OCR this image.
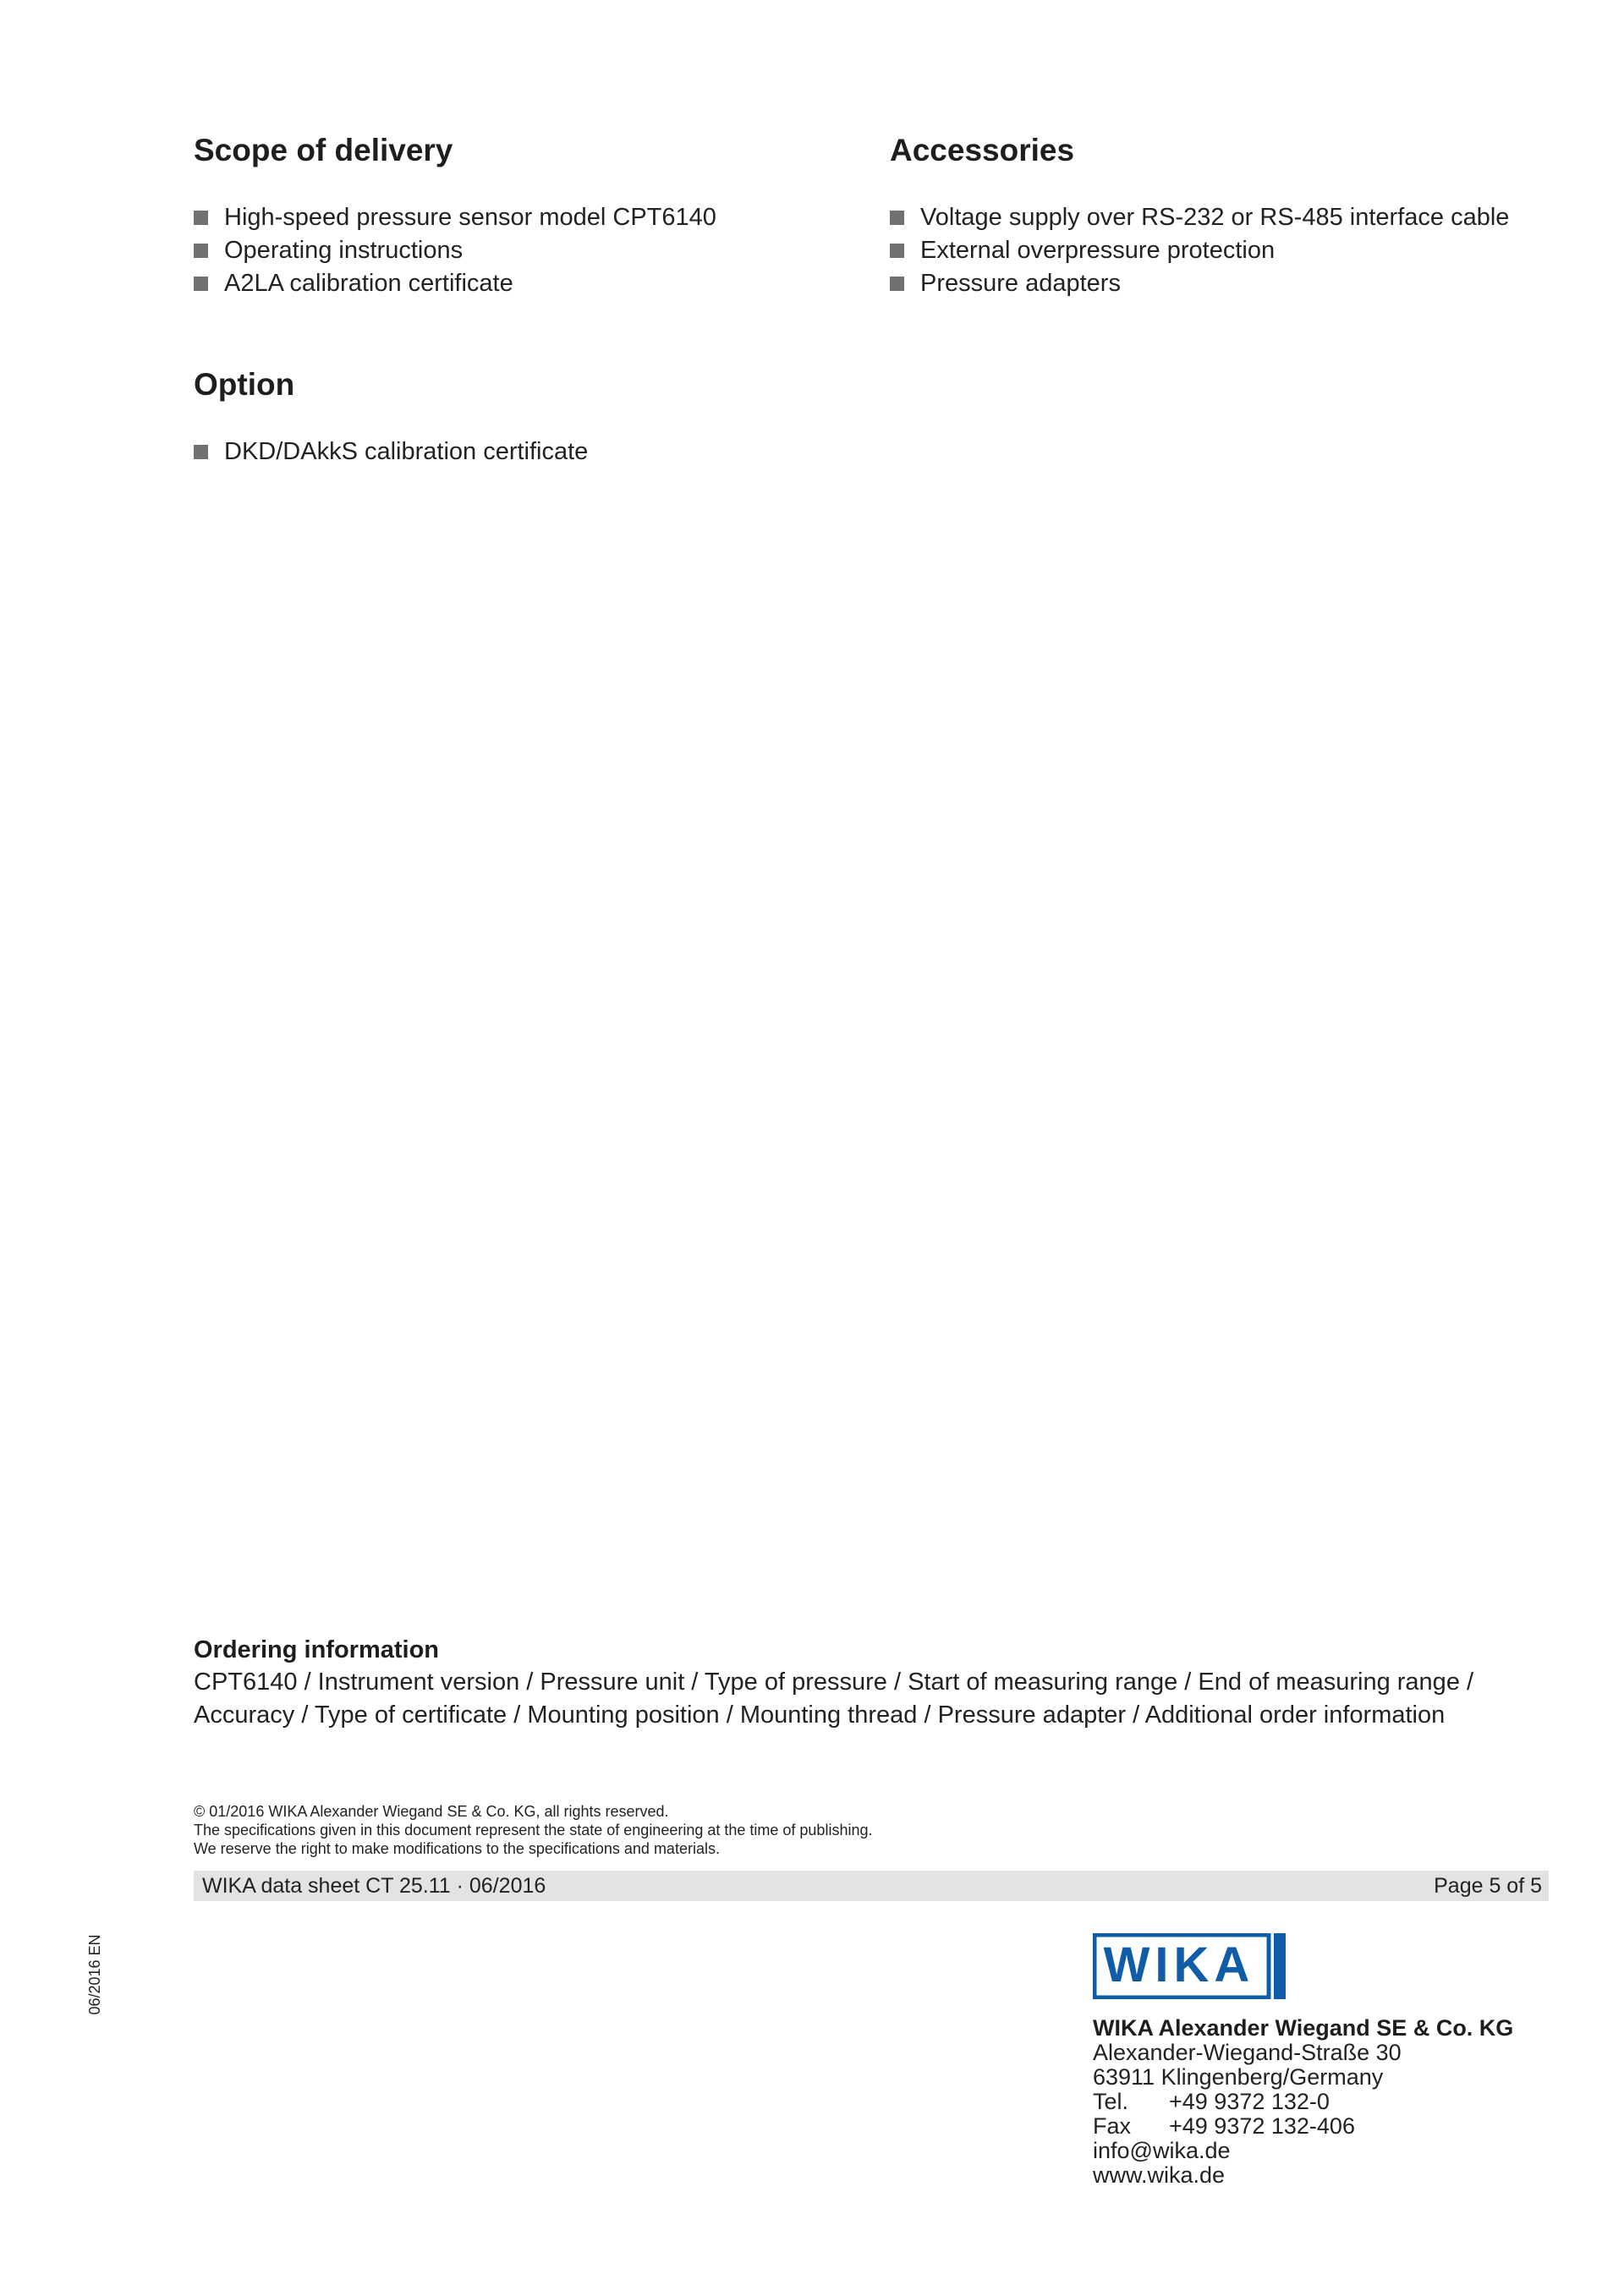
Scope of delivery
High-speed pressure sensor model CPT6140
Operating instructions
A2LA calibration certificate
Accessories
Voltage supply over RS-232 or RS-485 interface cable
External overpressure protection
Pressure adapters
Option
DKD/DAkkS calibration certificate
Ordering information
CPT6140 / Instrument version / Pressure unit / Type of pressure / Start of measuring range / End of measuring range /
Accuracy / Type of certificate / Mounting position / Mounting thread / Pressure adapter / Additional order information
© 01/2016 WIKA Alexander Wiegand SE & Co. KG, all rights reserved.
The specifications given in this document represent the state of engineering at the time of publishing.
We reserve the right to make modifications to the specifications and materials.
WIKA data sheet CT 25.11 · 06/2016	Page 5 of 5
06/2016 EN	WIKA
WIKA Alexander Wiegand SE & Co. KG
Alexander-Wiegand-Straße 30
63911 Klingenberg/Germany
Tel. +49 9372 132-0
Fax +49 9372 132-406
info@wika.de
www.wika.de
